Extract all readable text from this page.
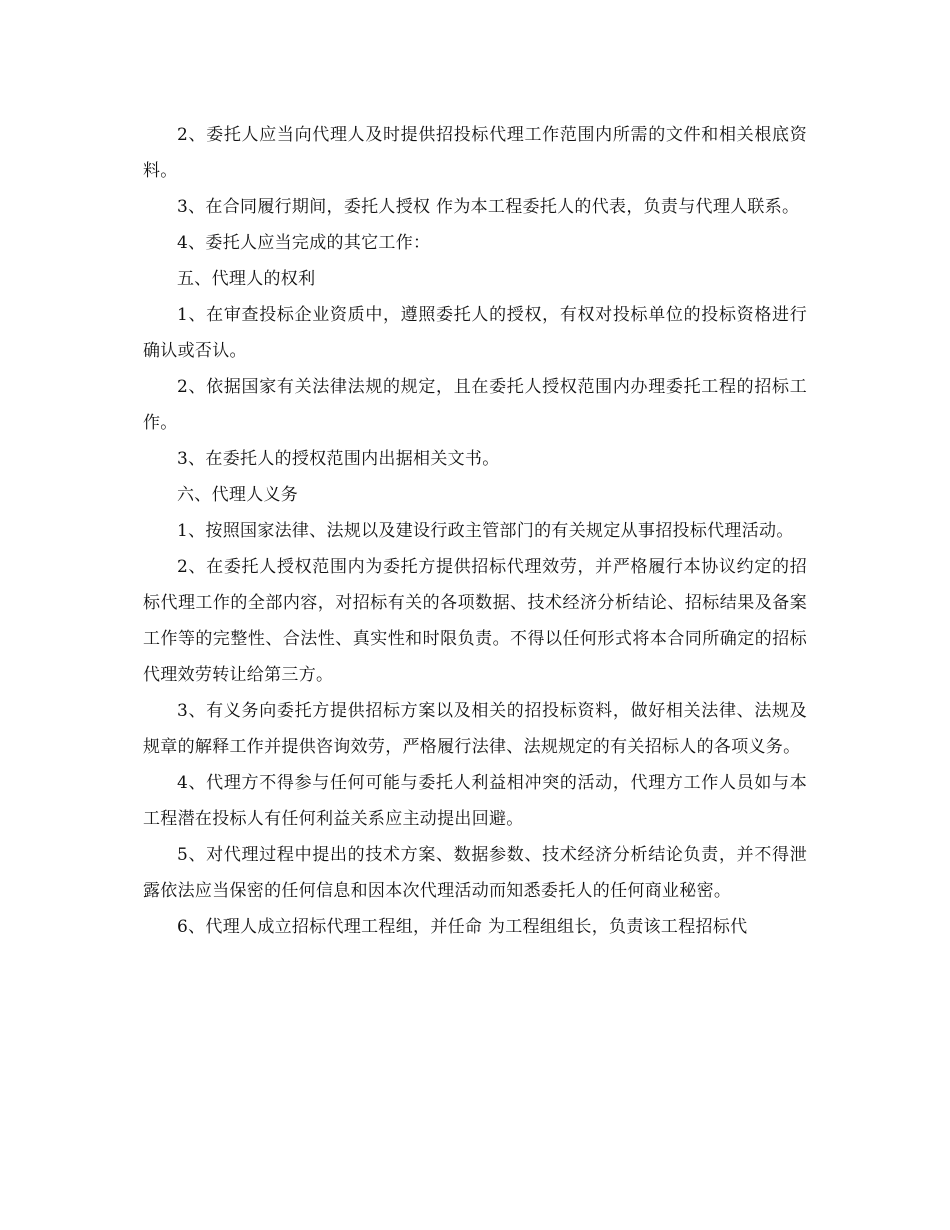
2、委托人应当向代理人及时提供招投标代理工作范围内所需的文件和相关根底资料。

3、在合同履行期间，委托人授权 作为本工程委托人的代表，负责与代理人联系。

4、委托人应当完成的其它工作：

五、代理人的权利

1、在审查投标企业资质中，遵照委托人的授权，有权对投标单位的投标资格进行确认或否认。

2、依据国家有关法律法规的规定，且在委托人授权范围内办理委托工程的招标工作。

3、在委托人的授权范围内出据相关文书。

六、代理人义务

1、按照国家法律、法规以及建设行政主管部门的有关规定从事招投标代理活动。

2、在委托人授权范围内为委托方提供招标代理效劳，并严格履行本协议约定的招标代理工作的全部内容，对招标有关的各项数据、技术经济分析结论、招标结果及备案工作等的完整性、合法性、真实性和时限负责。不得以任何形式将本合同所确定的招标代理效劳转让给第三方。

3、有义务向委托方提供招标方案以及相关的招投标资料，做好相关法律、法规及规章的解释工作并提供咨询效劳，严格履行法律、法规规定的有关招标人的各项义务。

4、代理方不得参与任何可能与委托人利益相冲突的活动，代理方工作人员如与本工程潜在投标人有任何利益关系应主动提出回避。

5、对代理过程中提出的技术方案、数据参数、技术经济分析结论负责，并不得泄露依法应当保密的任何信息和因本次代理活动而知悉委托人的任何商业秘密。

6、代理人成立招标代理工程组，并任命 为工程组组长，负责该工程招标代
